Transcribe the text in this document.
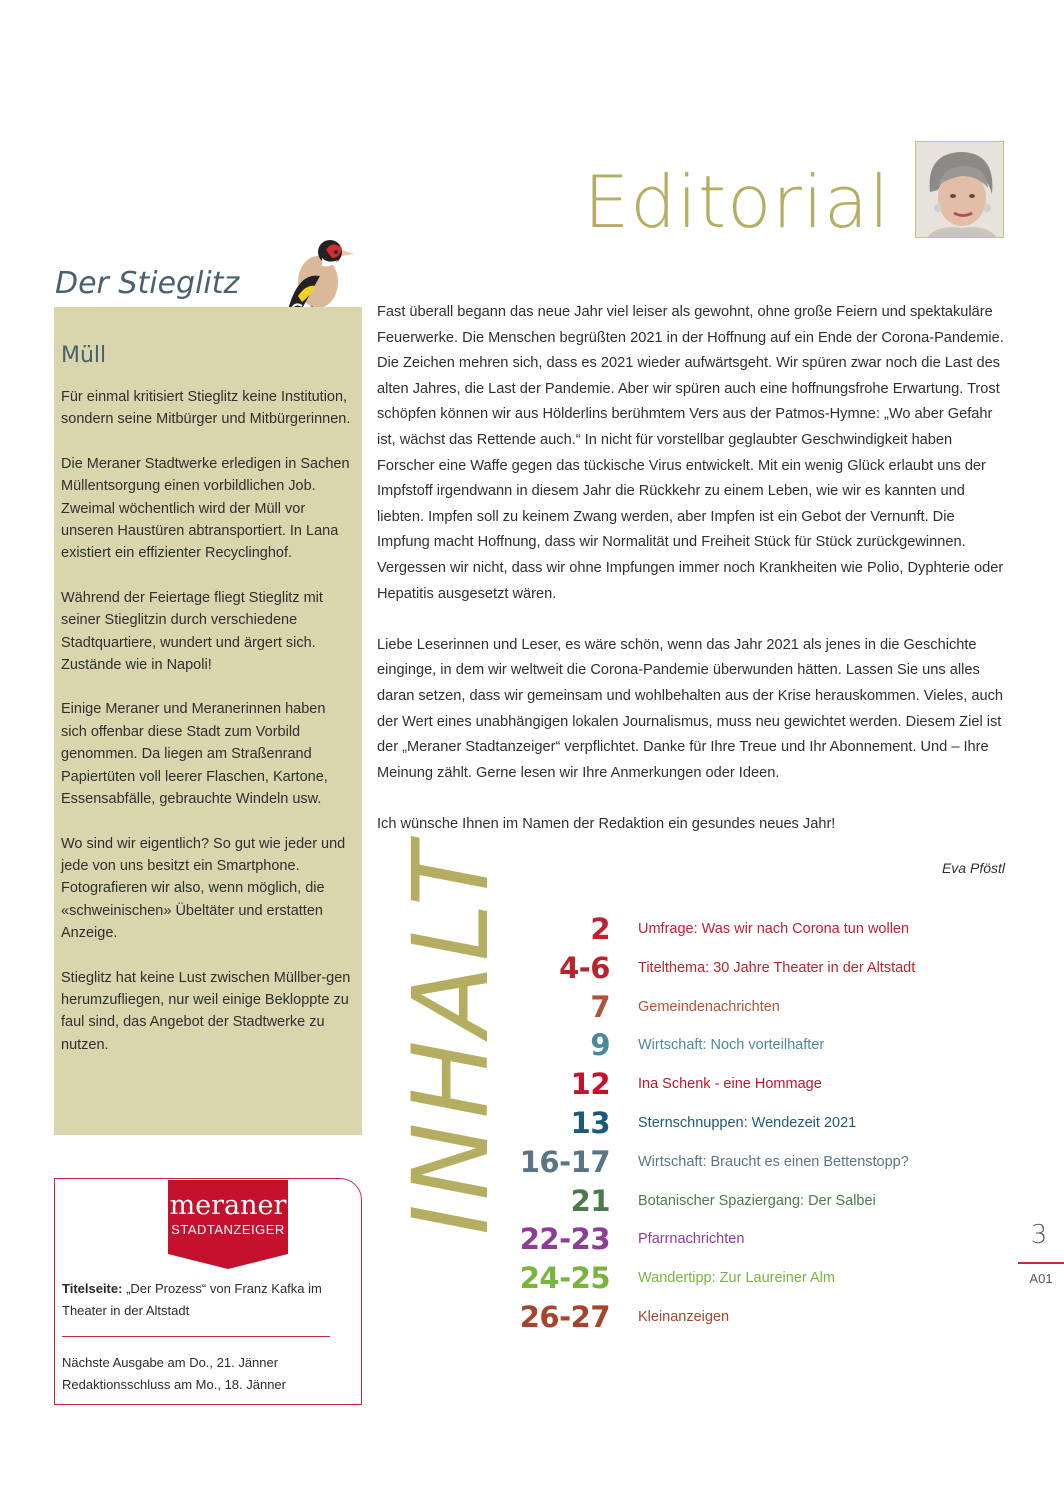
Editorial
Der Stieglitz
Müll

Für einmal kritisiert Stieglitz keine Institution, sondern seine Mitbürger und Mitbürgerinnen.

Die Meraner Stadtwerke erledigen in Sachen Müllentsorgung einen vorbildlichen Job. Zweimal wöchentlich wird der Müll vor unseren Haustüren abtransportiert. In Lana existiert ein effizienter Recyclinghof.

Während der Feiertage fliegt Stieglitz mit seiner Stieglitzin durch verschiedene Stadtquartiere, wundert und ärgert sich. Zustände wie in Napoli!

Einige Meraner und Meranerinnen haben sich offenbar diese Stadt zum Vorbild genommen. Da liegen am Straßenrand Papiertüten voll leerer Flaschen, Kartone, Essensabfälle, gebrauchte Windeln usw.

Wo sind wir eigentlich? So gut wie jeder und jede von uns besitzt ein Smartphone. Fotografieren wir also, wenn möglich, die «schweinischen» Übeltäter und erstatten Anzeige.

Stieglitz hat keine Lust zwischen Müllber-gen herumzufliegen, nur weil einige Bekloppte zu faul sind, das Angebot der Stadtwerke zu nutzen.

meraner
STADTANZEIGER
Titelseite: „Der Prozess“ von Franz Kafka im Theater in der Altstadt
Nächste Ausgabe am Do., 21. Jänner
Redaktionsschluss am Mo., 18. Jänner

Fast überall begann das neue Jahr viel leiser als gewohnt, ohne große Feiern und spektakuläre Feuerwerke. Die Menschen begrüßten 2021 in der Hoffnung auf ein Ende der Corona-Pandemie. Die Zeichen mehren sich, dass es 2021 wieder aufwärtsgeht. Wir spüren zwar noch die Last des alten Jahres, die Last der Pandemie. Aber wir spüren auch eine hoffnungsfrohe Erwartung. Trost schöpfen können wir aus Hölderlins berühmtem Vers aus der Patmos-Hymne: „Wo aber Gefahr ist, wächst das Rettende auch.“ In nicht für vorstellbar geglaubter Geschwindigkeit haben Forscher eine Waffe gegen das tückische Virus entwickelt. Mit ein wenig Glück erlaubt uns der Impfstoff irgendwann in diesem Jahr die Rückkehr zu einem Leben, wie wir es kannten und liebten. Impfen soll zu keinem Zwang werden, aber Impfen ist ein Gebot der Vernunft. Die Impfung macht Hoffnung, dass wir Normalität und Freiheit Stück für Stück zurückgewinnen. Vergessen wir nicht, dass wir ohne Impfungen immer noch Krankheiten wie Polio, Dyphterie oder Hepatitis ausgesetzt wären.

Liebe Leserinnen und Leser, es wäre schön, wenn das Jahr 2021 als jenes in die Geschichte einginge, in dem wir weltweit die Corona-Pandemie überwunden hätten. Lassen Sie uns alles daran setzen, dass wir gemeinsam und wohlbehalten aus der Krise herauskommen. Vieles, auch der Wert eines unabhängigen lokalen Journalismus, muss neu gewichtet werden. Diesem Ziel ist der „Meraner Stadtanzeiger“ verpflichtet. Danke für Ihre Treue und Ihr Abonnement. Und – Ihre Meinung zählt. Gerne lesen wir Ihre Anmerkungen oder Ideen.

Ich wünsche Ihnen im Namen der Redaktion ein gesundes neues Jahr!

Eva Pföstl
INHALT	2 Umfrage: Was wir nach Corona tun wollen
4-6 Titelthema: 30 Jahre Theater in der Altstadt
7 Gemeindenachrichten
9 Wirtschaft: Noch vorteilhafter
12 Ina Schenk - eine Hommage
13 Sternschnuppen: Wendezeit 2021
16-17 Wirtschaft: Braucht es einen Bettenstopp?
21 Botanischer Spaziergang: Der Salbei
22-23 Pfarrnachrichten
24-25 Wandertipp: Zur Laureiner Alm
26-27 Kleinanzeigen
3
A01
